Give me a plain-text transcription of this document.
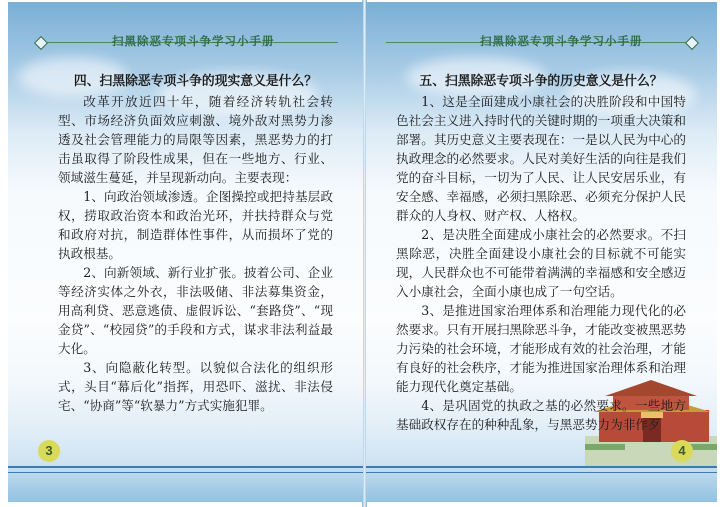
扫黑除恶专项斗争学习小手册
四、扫黑除恶专项斗争的现实意义是什么？

改革开放近四十年，随着经济转轨社会转型、市场经济负面效应刺激、境外敌对黑势力渗透及社会管理能力的局限等因素，黑恶势力的打击虽取得了阶段性成果，但在一些地方、行业、领域滋生蔓延，并呈现新动向。主要表现：

1、向政治领域渗透。企图操控或把持基层政权，捞取政治资本和政治光环，并扶持群众与党和政府对抗，制造群体性事件，从而损坏了党的执政根基。

2、向新领域、新行业扩张。披着公司、企业等经济实体之外衣，非法吸储、非法募集资金，用高利贷、恶意逃债、虚假诉讼、“套路贷”、“现金贷”、“校园贷”的手段和方式，谋求非法利益最大化。

3、向隐蔽化转型。以貌似合法化的组织形式，头目“幕后化”指挥，用恐吓、滋扰、非法侵宅、“协商”等“软暴力”方式实施犯罪。

3
扫黑除恶专项斗争学习小手册
五、扫黑除恶专项斗争的历史意义是什么？

1、这是全面建成小康社会的决胜阶段和中国特色社会主义进入持时代的关键时期的一项重大决策和部署。其历史意义主要表现在：一是以人民为中心的执政理念的必然要求。人民对美好生活的向往是我们党的奋斗目标，一切为了人民、让人民安居乐业，有安全感、幸福感，必须扫黑除恶、必须充分保护人民群众的人身权、财产权、人格权。

2、是决胜全面建成小康社会的必然要求。不扫黑除恶，决胜全面建设小康社会的目标就不可能实现，人民群众也不可能带着满满的幸福感和安全感迈入小康社会，全面小康也成了一句空话。

3、是推进国家治理体系和治理能力现代化的必然要求。只有开展扫黑除恶斗争，才能改变被黑恶势力污染的社会环境，才能形成有效的社会治理，才能有良好的社会秩序，才能为推进国家治理体系和治理能力现代化奠定基础。

4、是巩固党的执政之基的必然要求。一些地方基础政权存在的种种乱象，与黑恶势力为非作歹

4
